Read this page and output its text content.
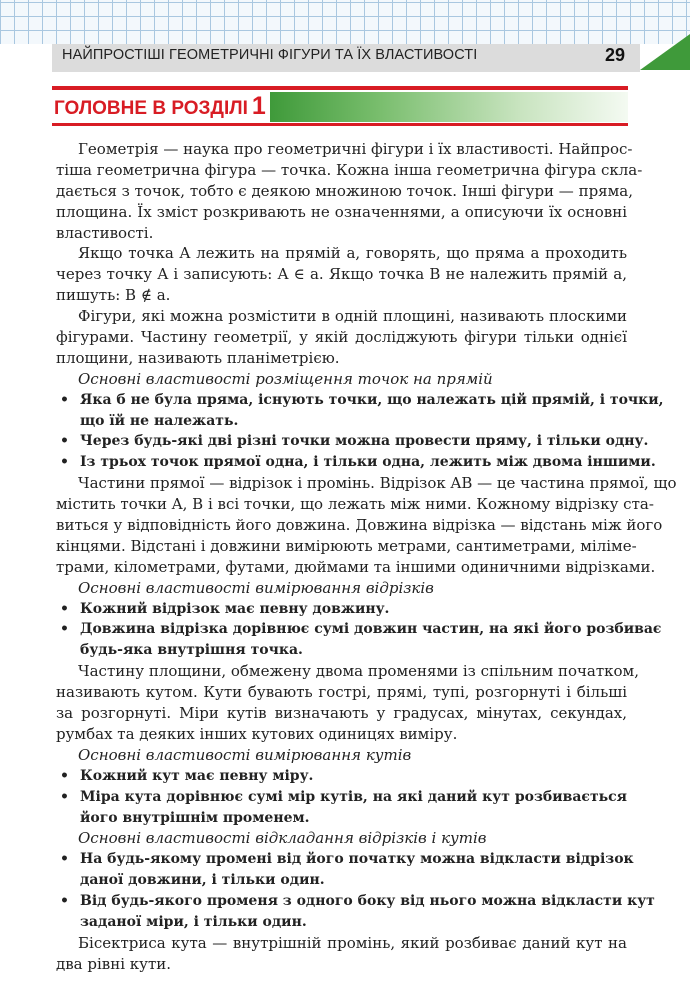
НАЙПРОСТІШІ ГЕОМЕТРИЧНІ ФІГУРИ ТА ЇХ ВЛАСТИВОСТІ	29
ГОЛОВНЕ В РОЗДІЛІ 1
Геометрія — наука про геометричні фігури і їх властивості. Найпрос-
тіша геометрична фігура — точка. Кожна інша геометрична фігура скла-
дається з точок, тобто є деякою множиною точок. Інші фігури — пряма,
площина. Їх зміст розкривають не означеннями, а описуючи їх основні
властивості.
Якщо точка A лежить на прямій a, говорять, що пряма a проходить
через точку A і записують: A ∈ a. Якщо точка B не належить прямій a,
пишуть: B ∉ a.
Фігури, які можна розмістити в одній площині, називають плоскими
фігурами. Частину геометрії, у якій досліджують фігури тільки однієї
площини, називають планіметрією.
Основні властивості розміщення точок на прямій
• Яка б не була пряма, існують точки, що належать цій прямій, і точки,
що їй не належать.
• Через будь-які дві різні точки можна провести пряму, і тільки одну.
• Із трьох точок прямої одна, і тільки одна, лежить між двома іншими.
Частини прямої — відрізок і промінь. Відрізок AB — це частина прямої, що
містить точки A, B і всі точки, що лежать між ними. Кожному відрізку ста-
виться у відповідність його довжина. Довжина відрізка — відстань між його
кінцями. Відстані і довжини вимірюють метрами, сантиметрами, міліме-
трами, кілометрами, футами, дюймами та іншими одиничними відрізками.
Основні властивості вимірювання відрізків
• Кожний відрізок має певну довжину.
• Довжина відрізка дорівнює сумі довжин частин, на які його розбиває
будь-яка внутрішня точка.
Частину площини, обмежену двома променями із спільним початком,
називають кутом. Кути бувають гострі, прямі, тупі, розгорнуті і більші
за розгорнуті. Міри кутів визначають у градусах, мінутах, секундах,
румбах та деяких інших кутових одиницях виміру.
Основні властивості вимірювання кутів
• Кожний кут має певну міру.
• Міра кута дорівнює сумі мір кутів, на які даний кут розбивається
його внутрішнім променем.
Основні властивості відкладання відрізків і кутів
• На будь-якому промені від його початку можна відкласти відрізок
даної довжини, і тільки один.
• Від будь-якого променя з одного боку від нього можна відкласти кут
заданої міри, і тільки один.
Бісектриса кута — внутрішній промінь, який розбиває даний кут на
два рівні кути.
